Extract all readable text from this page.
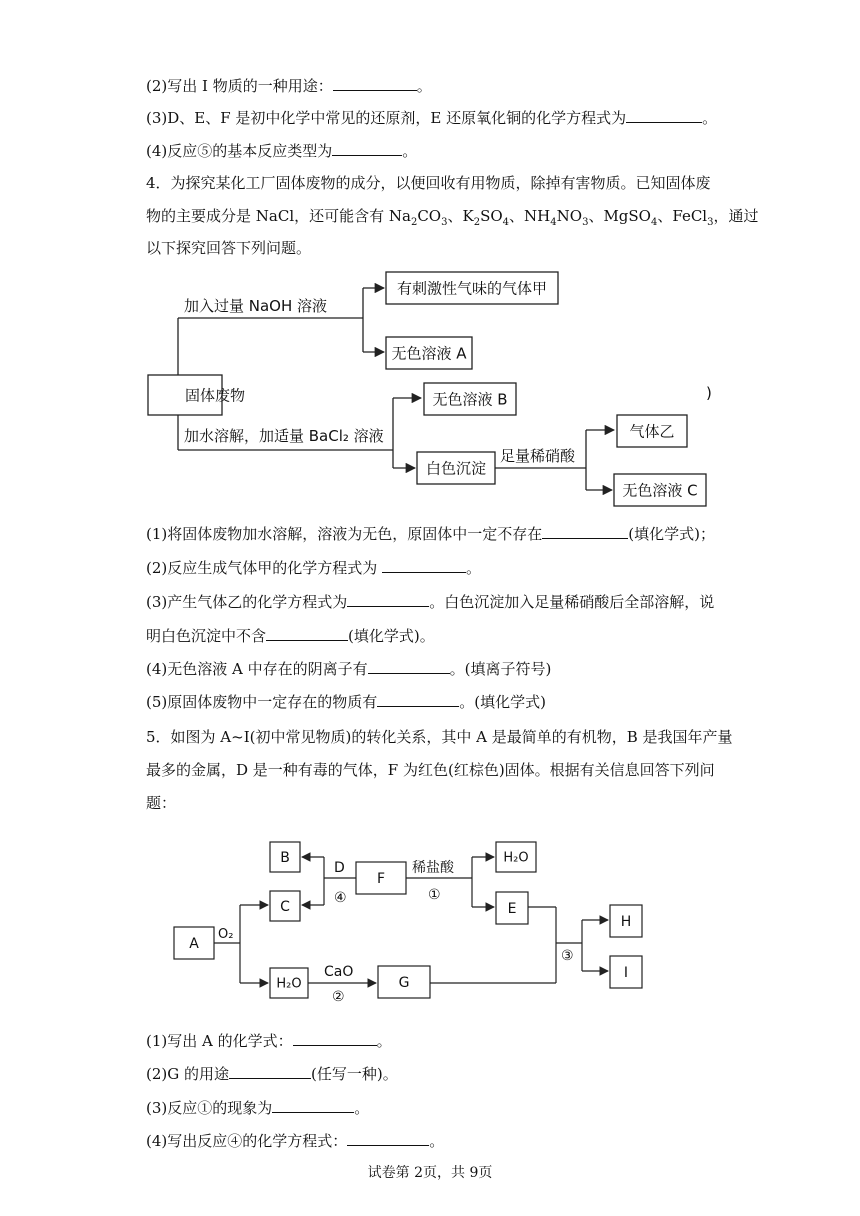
(2)写出 I 物质的一种用途：	。
(3)D、E、F 是初中化学中常见的还原剂，E 还原氧化铜的化学方程式为	。
(4)反应⑤的基本反应类型为	。
4．为探究某化工厂固体废物的成分，以便回收有用物质，除掉有害物质。已知固体废
物的主要成分是 NaCl，还可能含有 $Na_2CO_3$、$K_2SO_4$、$NH_4NO_3$、MgSO$_4$、FeCl$_3$，通过
以下探究回答下列问题。
固体废物
加入过量 NaOH 溶液
有刺激性气味的气体甲
无色溶液 A
无色溶液 B
加水溶解，加适量 BaCl₂ 溶液
白色沉淀
足量稀硝酸
气体乙
无色溶液 C
)
(1)将固体废物加水溶解，溶液为无色，原固体中一定不存在	(填化学式)；
(2)反应生成气体甲的化学方程式为	。
(3)产生气体乙的化学方程式为	。白色沉淀加入足量稀硝酸后全部溶解，说
明白色沉淀中不含	(填化学式)。
(4)无色溶液 A 中存在的阴离子有	。(填离子符号)
(5)原固体废物中一定存在的物质有	。(填化学式)
5．如图为 A~I(初中常见物质)的转化关系，其中 A 是最简单的有机物，B 是我国年产量
最多的金属，D 是一种有毒的气体，F 为红色(红棕色)固体。根据有关信息回答下列问
题：
A
B
C
H₂O
F
H₂O
E
G
H
I
D
④
稀盐酸
①
O₂
CaO
②
③
(1)写出 A 的化学式：	。
(2)G 的用途	(任写一种)。
(3)反应①的现象为	。
(4)写出反应④的化学方程式：	。
试卷第 2页，共 9页
